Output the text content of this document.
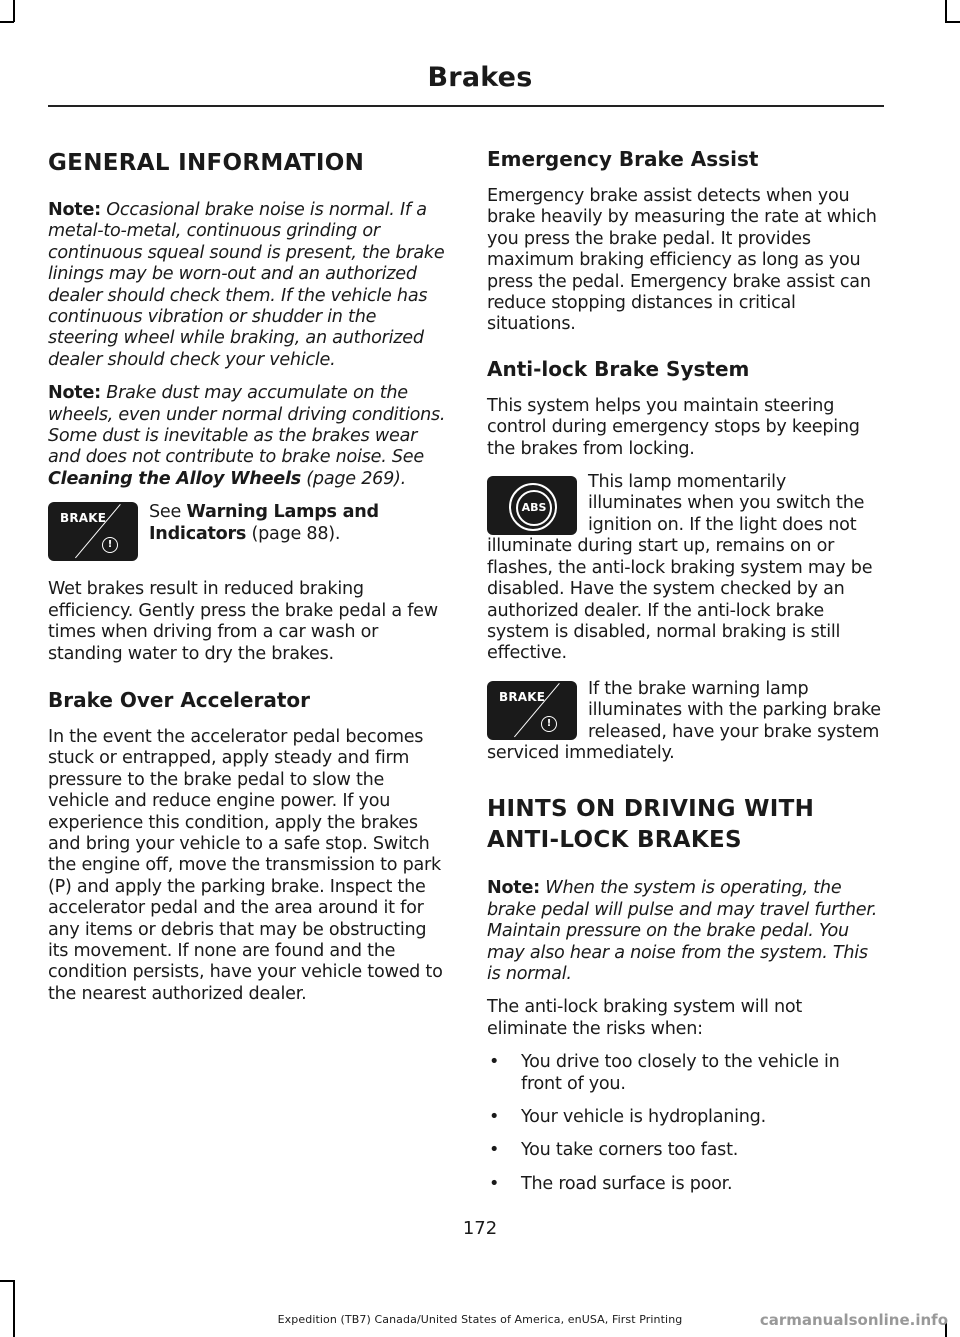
Brakes
GENERAL INFORMATION

Note: Occasional brake noise is normal. If a metal-to-metal, continuous grinding or continuous squeal sound is present, the brake linings may be worn-out and an authorized dealer should check them. If the vehicle has continuous vibration or shudder in the steering wheel while braking, an authorized dealer should check your vehicle.

Note: Brake dust may accumulate on the wheels, even under normal driving conditions. Some dust is inevitable as the brakes wear and does not contribute to brake noise. See Cleaning the Alloy Wheels (page 269).

BRAKE
!

See Warning Lamps and Indicators (page 88).

Wet brakes result in reduced braking efficiency. Gently press the brake pedal a few times when driving from a car wash or standing water to dry the brakes.

Brake Over Accelerator

In the event the accelerator pedal becomes stuck or entrapped, apply steady and firm pressure to the brake pedal to slow the vehicle and reduce engine power. If you experience this condition, apply the brakes and bring your vehicle to a safe stop. Switch the engine off, move the transmission to park (P) and apply the parking brake. Inspect the accelerator pedal and the area around it for any items or debris that may be obstructing its movement. If none are found and the condition persists, have your vehicle towed to the nearest authorized dealer.

Emergency Brake Assist

Emergency brake assist detects when you brake heavily by measuring the rate at which you press the brake pedal. It provides maximum braking efficiency as long as you press the pedal. Emergency brake assist can reduce stopping distances in critical situations.

Anti-lock Brake System

This system helps you maintain steering control during emergency stops by keeping the brakes from locking.

ABS

This lamp momentarily illuminates when you switch the ignition on. If the light does not illuminate during start up, remains on or flashes, the anti-lock braking system may be disabled. Have the system checked by an authorized dealer. If the anti-lock brake system is disabled, normal braking is still effective.

BRAKE
!

If the brake warning lamp illuminates with the parking brake released, have your brake system serviced immediately.

HINTS ON DRIVING WITH
ANTI-LOCK BRAKES

Note: When the system is operating, the brake pedal will pulse and may travel further. Maintain pressure on the brake pedal. You may also hear a noise from the system. This is normal.

The anti-lock braking system will not eliminate the risks when:

• You drive too closely to the vehicle in front of you.
• Your vehicle is hydroplaning.
• You take corners too fast.
• The road surface is poor.
172
Expedition (TB7) Canada/United States of America, enUSA, First Printing	carmanualsonline.info
